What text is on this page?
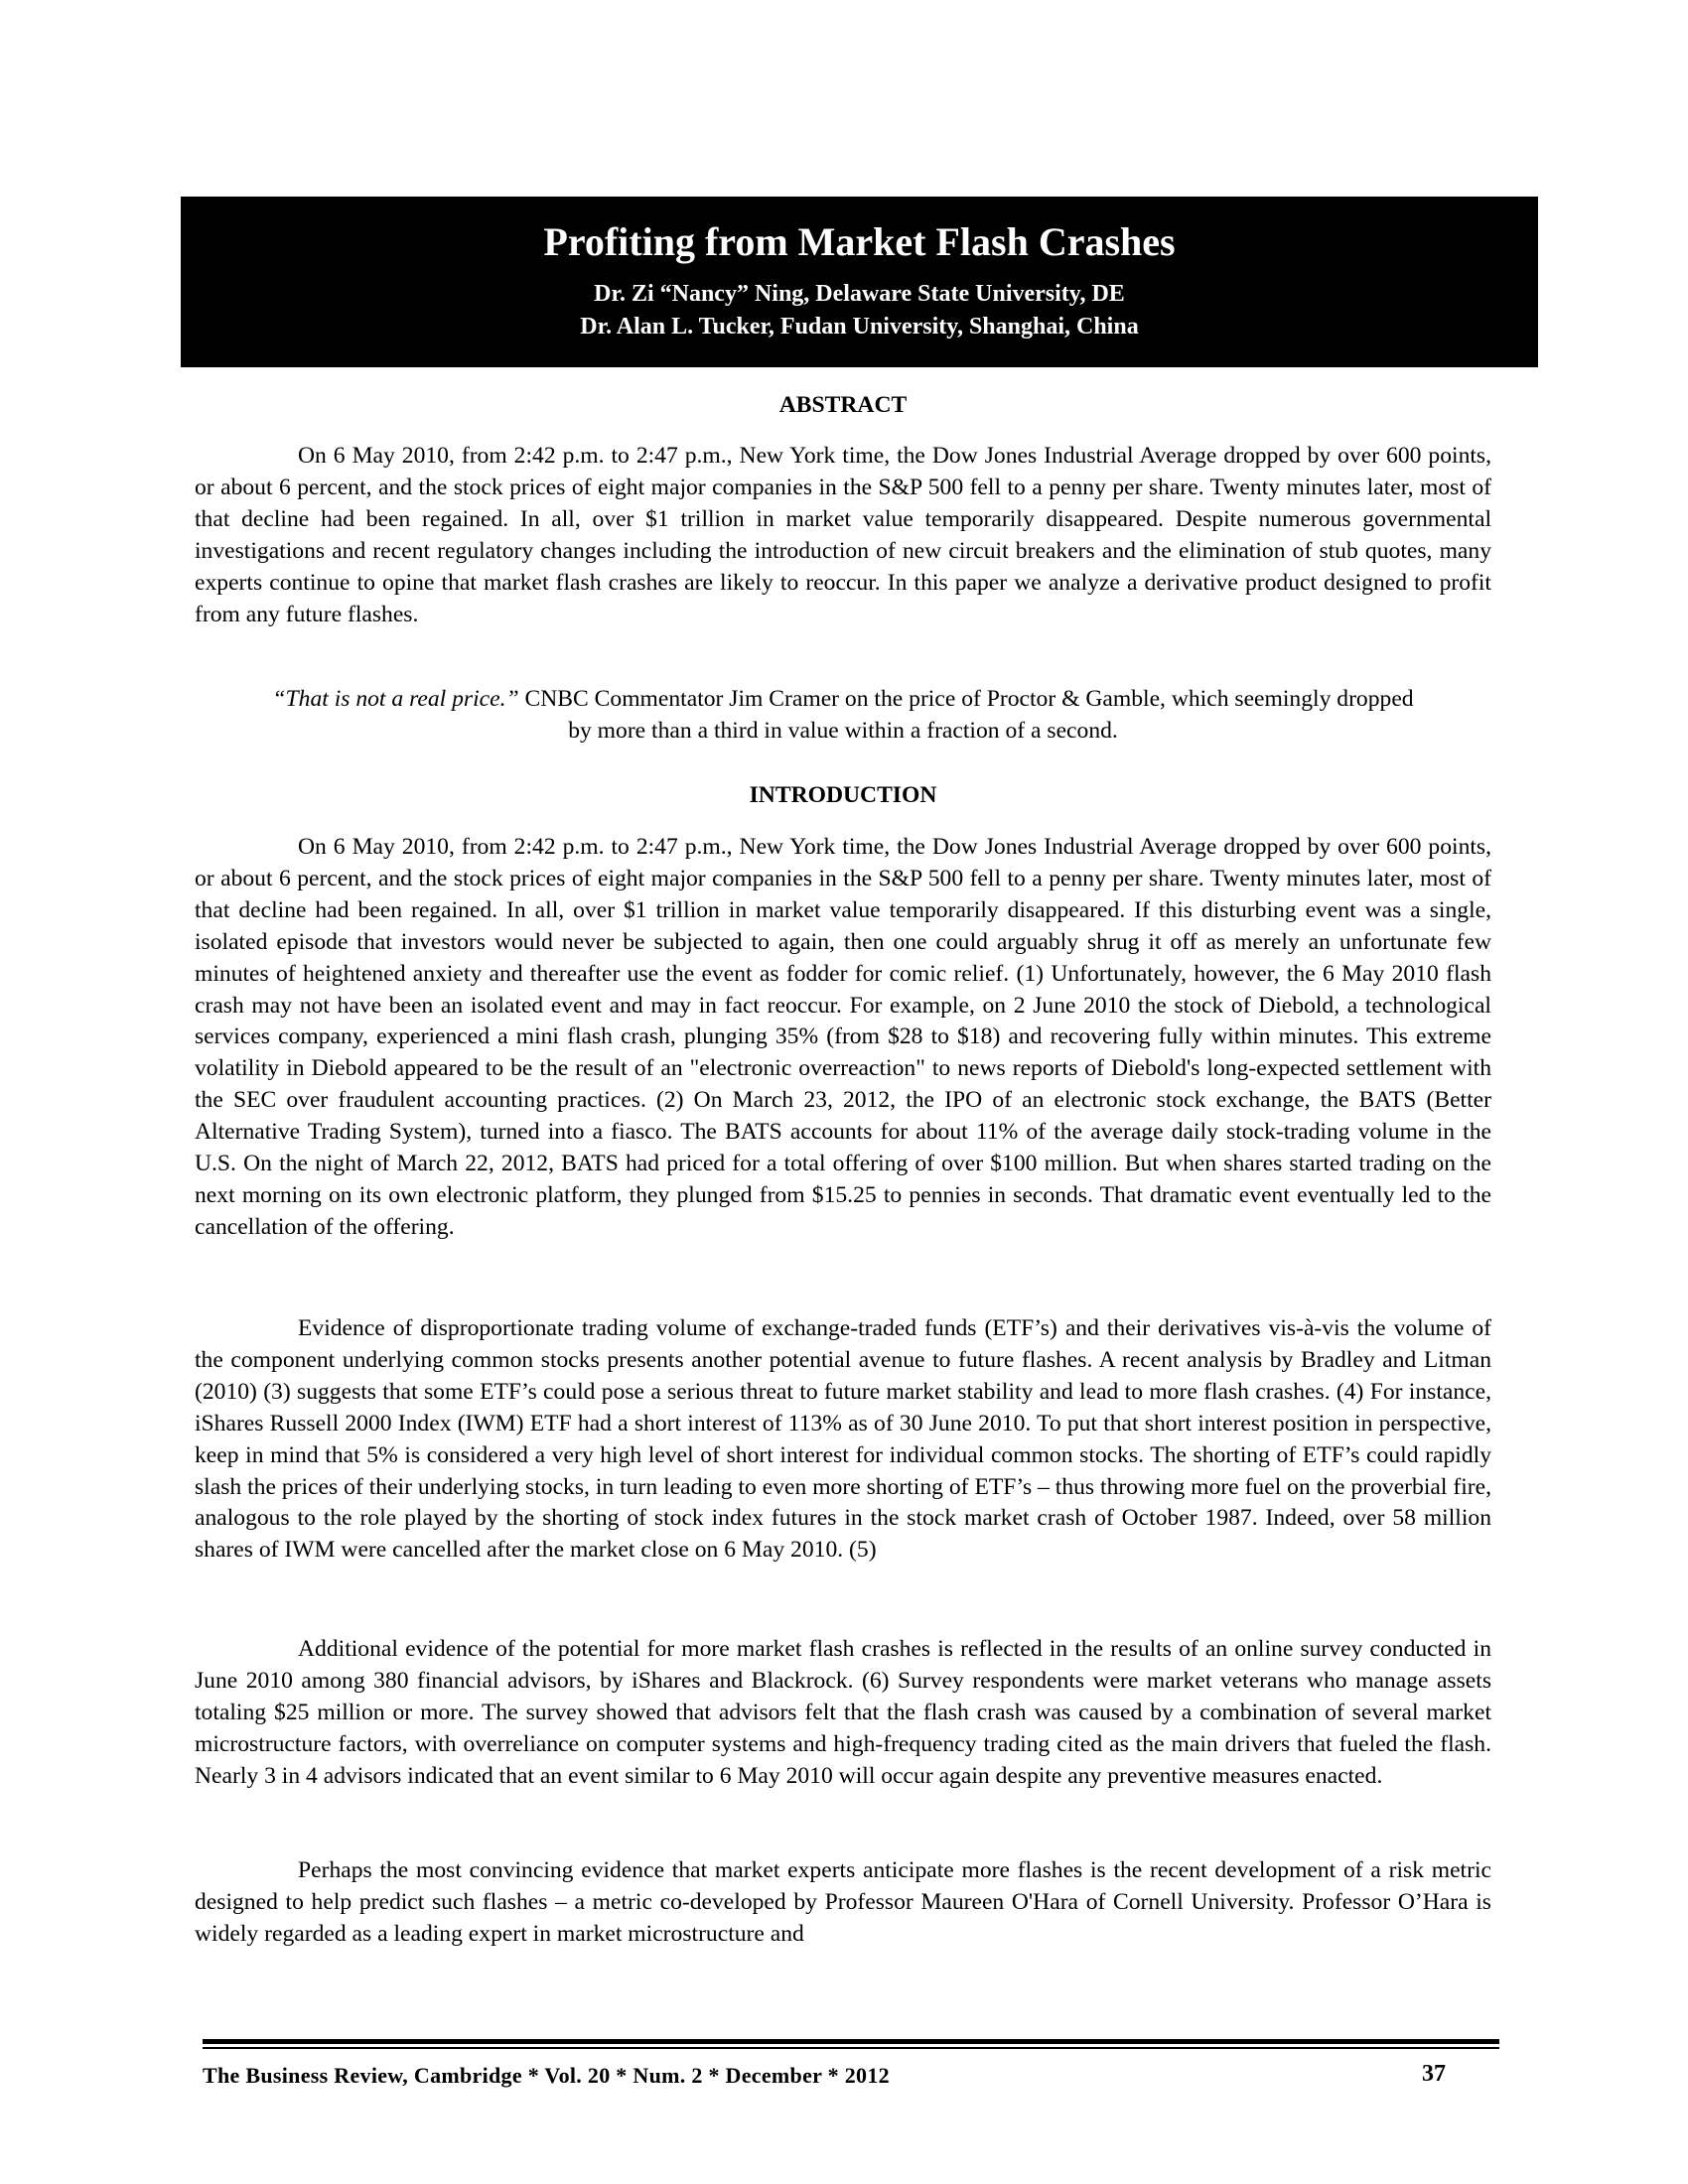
Profiting from Market Flash Crashes
Dr. Zi “Nancy” Ning, Delaware State University, DE
Dr. Alan L. Tucker, Fudan University, Shanghai, China
ABSTRACT

On 6 May 2010, from 2:42 p.m. to 2:47 p.m., New York time, the Dow Jones Industrial Average dropped by over 600 points, or about 6 percent, and the stock prices of eight major companies in the S&P 500 fell to a penny per share. Twenty minutes later, most of that decline had been regained. In all, over $1 trillion in market value temporarily disappeared. Despite numerous governmental investigations and recent regulatory changes including the introduction of new circuit breakers and the elimination of stub quotes, many experts continue to opine that market flash crashes are likely to reoccur. In this paper we analyze a derivative product designed to profit from any future flashes.

“That is not a real price.” CNBC Commentator Jim Cramer on the price of Proctor & Gamble, which seemingly dropped by more than a third in value within a fraction of a second.

INTRODUCTION

On 6 May 2010, from 2:42 p.m. to 2:47 p.m., New York time, the Dow Jones Industrial Average dropped by over 600 points, or about 6 percent, and the stock prices of eight major companies in the S&P 500 fell to a penny per share. Twenty minutes later, most of that decline had been regained. In all, over $1 trillion in market value temporarily disappeared. If this disturbing event was a single, isolated episode that investors would never be subjected to again, then one could arguably shrug it off as merely an unfortunate few minutes of heightened anxiety and thereafter use the event as fodder for comic relief. (1) Unfortunately, however, the 6 May 2010 flash crash may not have been an isolated event and may in fact reoccur. For example, on 2 June 2010 the stock of Diebold, a technological services company, experienced a mini flash crash, plunging 35% (from $28 to $18) and recovering fully within minutes. This extreme volatility in Diebold appeared to be the result of an "electronic overreaction" to news reports of Diebold's long-expected settlement with the SEC over fraudulent accounting practices. (2) On March 23, 2012, the IPO of an electronic stock exchange, the BATS (Better Alternative Trading System), turned into a fiasco. The BATS accounts for about 11% of the average daily stock-trading volume in the U.S. On the night of March 22, 2012, BATS had priced for a total offering of over $100 million. But when shares started trading on the next morning on its own electronic platform, they plunged from $15.25 to pennies in seconds. That dramatic event eventually led to the cancellation of the offering.

Evidence of disproportionate trading volume of exchange-traded funds (ETF’s) and their derivatives vis-à-vis the volume of the component underlying common stocks presents another potential avenue to future flashes. A recent analysis by Bradley and Litman (2010) (3) suggests that some ETF’s could pose a serious threat to future market stability and lead to more flash crashes. (4) For instance, iShares Russell 2000 Index (IWM) ETF had a short interest of 113% as of 30 June 2010. To put that short interest position in perspective, keep in mind that 5% is considered a very high level of short interest for individual common stocks. The shorting of ETF’s could rapidly slash the prices of their underlying stocks, in turn leading to even more shorting of ETF’s – thus throwing more fuel on the proverbial fire, analogous to the role played by the shorting of stock index futures in the stock market crash of October 1987. Indeed, over 58 million shares of IWM were cancelled after the market close on 6 May 2010. (5)

Additional evidence of the potential for more market flash crashes is reflected in the results of an online survey conducted in June 2010 among 380 financial advisors, by iShares and Blackrock. (6) Survey respondents were market veterans who manage assets totaling $25 million or more. The survey showed that advisors felt that the flash crash was caused by a combination of several market microstructure factors, with overreliance on computer systems and high-frequency trading cited as the main drivers that fueled the flash. Nearly 3 in 4 advisors indicated that an event similar to 6 May 2010 will occur again despite any preventive measures enacted.

Perhaps the most convincing evidence that market experts anticipate more flashes is the recent development of a risk metric designed to help predict such flashes – a metric co-developed by Professor Maureen O'Hara of Cornell University. Professor O’Hara is widely regarded as a leading expert in market microstructure and

The Business Review, Cambridge * Vol. 20 * Num. 2 * December * 2012	37
